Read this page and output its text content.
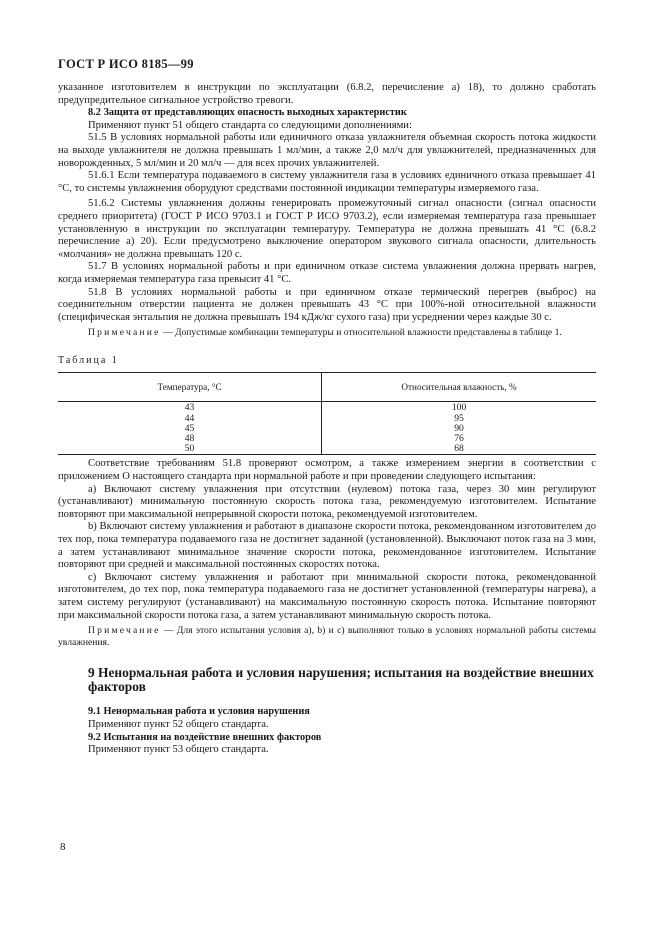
ГОСТ Р ИСО 8185—99

указанное изготовителем в инструкции по эксплуатации (6.8.2, перечисление а) 18), то должно сработать предупредительное сигнальное устройство тревоги.

8.2 Защита от представляющих опасность выходных характеристик

Применяют пункт 51 общего стандарта со следующими дополнениями:

51.5 В условиях нормальной работы или единичного отказа увлажнителя объемная скорость потока жидкости на выходе увлажнителя не должна превышать 1 мл/мин, а также 2,0 мл/ч для увлажнителей, предназначенных для новорожденных, 5 мл/мин и 20 мл/ч — для всех прочих увлажнителей.

51.6.1 Если температура подаваемого в систему увлажнителя газа в условиях единичного отказа превышает 41 °С, то системы увлажнения оборудуют средствами постоянной индикации температуры измеряемого газа.

51.6.2 Системы увлажнения должны генерировать промежуточный сигнал опасности (сигнал опасности среднего приоритета) (ГОСТ Р ИСО 9703.1 и ГОСТ Р ИСО 9703.2), если измеряемая температура газа превышает установленную в инструкции по эксплуатации температуру. Температура не должна превышать 41 °С (6.8.2 перечисление а) 20). Если предусмотрено выключение оператором звукового сигнала опасности, длительность «молчания» не должна превышать 120 с.

51.7 В условиях нормальной работы и при единичном отказе система увлажнения должна прервать нагрев, когда измеряемая температура газа превысит 41 °С.

51.8 В условиях нормальной работы и при единичном отказе термический перегрев (выброс) на соединительном отверстии пациента не должен превышать 43 °С при 100%-ной относительной влажности (специфическая энтальпия не должна превышать 194 кДж/кг сухого газа) при усреднении через каждые 30 с.

Примечание — Допустимые комбинации температуры и относительной влажности представлены в таблице 1.

Таблица 1

Температура, °С	Относительная влажность, %
43	100
44	95
45	90
48	76
50	68

Соответствие требованиям 51.8 проверяют осмотром, а также измерением энергии в соответствии с приложением О настоящего стандарта при нормальной работе и при проведении следующего испытания:

а) Включают систему увлажнения при отсутствии (нулевом) потока газа, через 30 мин регулируют (устанавливают) минимальную постоянную скорость потока газа, рекомендуемую изготовителем. Испытание повторяют при максимальной непрерывной скорости потока, рекомендуемой изготовителем.

b) Включают систему увлажнения и работают в диапазоне скорости потока, рекомендованном изготовителем до тех пор, пока температура подаваемого газа не достигнет заданной (установленной). Выключают поток газа на 3 мин, а затем устанавливают минимальное значение скорости потока, рекомендованное изготовителем. Испытание повторяют при средней и максимальной постоянных скоростях потока.

с) Включают систему увлажнения и работают при минимальной скорости потока, рекомендованной изготовителем, до тех пор, пока температура подаваемого газа не достигнет установленной (температуры нагрева), а затем систему регулируют (устанавливают) на максимальную постоянную скорость потока. Испытание повторяют при максимальной скорости потока газа, а затем устанавливают минимальную скорость потока.

Примечание — Для этого испытания условия а), b) и с) выполняют только в условиях нормальной работы системы увлажнения.

9 Ненормальная работа и условия нарушения; испытания на воздействие внешних факторов

9.1 Ненормальная работа и условия нарушения

Применяют пункт 52 общего стандарта.

9.2 Испытания на воздействие внешних факторов

Применяют пункт 53 общего стандарта.

8
